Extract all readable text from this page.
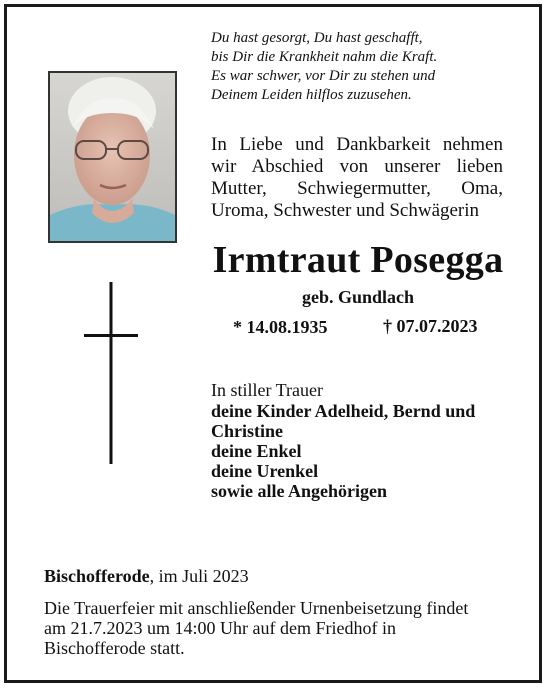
Du hast gesorgt, Du hast geschafft,
bis Dir die Krankheit nahm die Kraft.
Es war schwer, vor Dir zu stehen und
Deinem Leiden hilflos zuzusehen.

In Liebe und Dankbarkeit nehmen

wir Abschied von unserer lieben

Mutter, Schwiegermutter, Oma,

Uroma, Schwester und Schwägerin

Irmtraut Posegga
geb. Gundlach
* 14.08.1935	† 07.07.2023
In stiller Trauer
deine Kinder Adelheid, Bernd und
Christine
deine Enkel
deine Urenkel
sowie alle Angehörigen
Bischofferode, im Juli 2023
Die Trauerfeier mit anschließender Urnenbeisetzung findet
am 21.7.2023 um 14:00 Uhr auf dem Friedhof in
Bischofferode statt.
